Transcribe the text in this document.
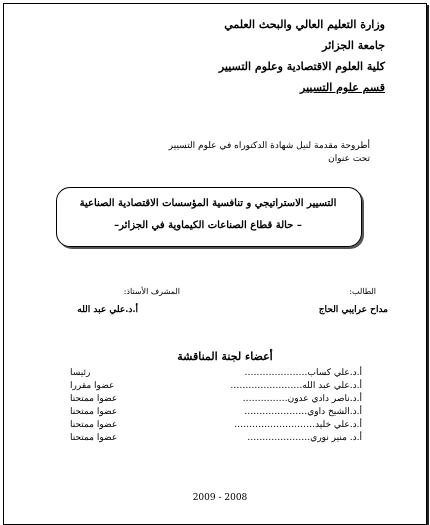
وزارة التعليم العالي والبحث العلمي
جامعة الجزائر
كلية العلوم الاقتصادية وعلوم التسيير
قسم علوم التسيير
أطروحة مقدمة لنيل شهادة الدكتوراه في علوم التسيير
تحت عنوان
التسيير الاستراتيجي و تنافسية المؤسسات الاقتصادية الصناعية
– حالة قطاع الصناعات الكيماوية في الجزائر–
الطالب:
مداح عرايبي الحاج
المشرف الأستاذ:
أ.د.علي عبد الله
أعضاء لجنة المناقشة
أ.د.علي كساب…………………
رئيسا
أ.د.علي عبد الله……………………
عضوا مقررا
أ.د.ناصر دادي عدون……………
عضوا ممتحنا
أ.د.الشيخ داوي…………………
عضوا ممتحنا
أ.د.علي خليد………………………
عضوا ممتحنا
أ.د. منير نوري…………………
عضوا ممتحنا
2009 - 2008
